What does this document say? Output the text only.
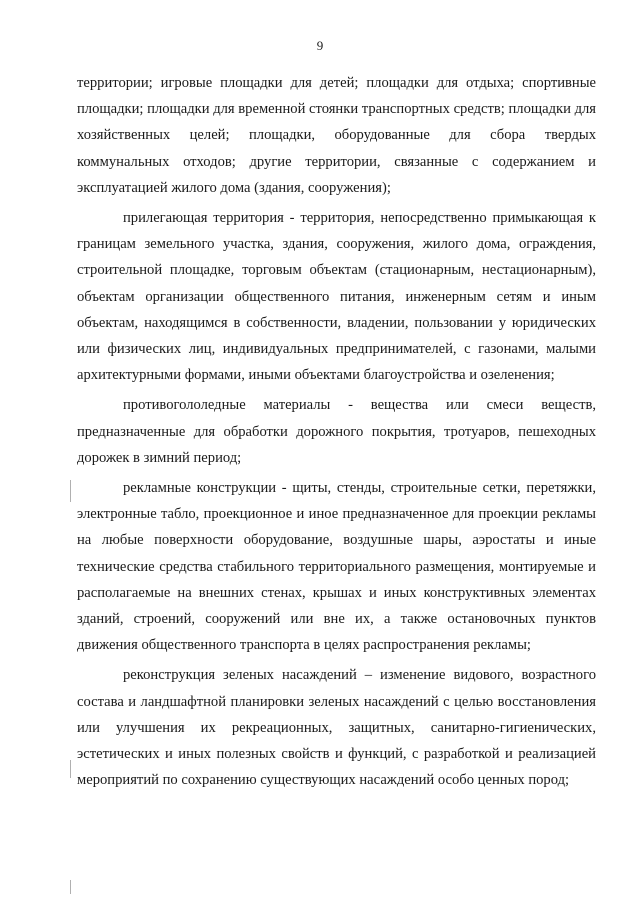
9

территории; игровые площадки для детей; площадки для отдыха; спортивные площадки; площадки для временной стоянки транспортных средств; площадки для хозяйственных целей; площадки, оборудованные для сбора твердых коммунальных отходов; другие территории, связанные с содержанием и эксплуатацией жилого дома (здания, сооружения);

прилегающая территория - территория, непосредственно примыкающая к границам земельного участка, здания, сооружения, жилого дома, ограждения, строительной площадке, торговым объектам (стационарным, нестационарным), объектам организации общественного питания, инженерным сетям и иным объектам, находящимся в собственности, владении, пользовании у юридических или физических лиц, индивидуальных предпринимателей, с газонами, малыми архитектурными формами, иными объектами благоустройства и озеленения;

противогололедные материалы - вещества или смеси веществ, предназначенные для обработки дорожного покрытия, тротуаров, пешеходных дорожек в зимний период;

рекламные конструкции - щиты, стенды, строительные сетки, перетяжки, электронные табло, проекционное и иное предназначенное для проекции рекламы на любые поверхности оборудование, воздушные шары, аэростаты и иные технические средства стабильного территориального размещения, монтируемые и располагаемые на внешних стенах, крышах и иных конструктивных элементах зданий, строений, сооружений или вне их, а также остановочных пунктов движения общественного транспорта в целях распространения рекламы;

реконструкция зеленых насаждений – изменение видового, возрастного состава и ландшафтной планировки зеленых насаждений с целью восстановления или улучшения их рекреационных, защитных, санитарно-гигиенических, эстетических и иных полезных свойств и функций, с разработкой и реализацией мероприятий по сохранению существующих насаждений особо ценных пород;
